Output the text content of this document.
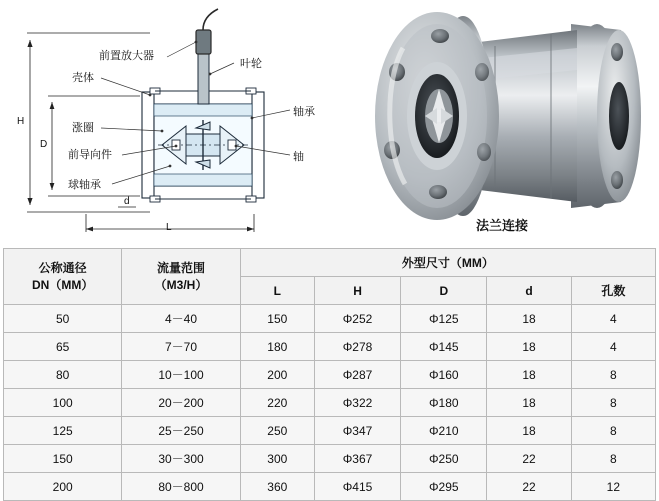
前置放大器
叶轮
壳体
轴承
涨圈
前导向件	轴
球轴承
H
D
d
L	法兰连接
公称通径
DN（MM）

流量范围
（M3/H）
	外型尺寸（MM）
		L	H	D	d	孔数
50	4－40	150	Φ252	Φ125	18	4
65	7－70	180	Φ278	Φ145	18	4
80	10－100	200	Φ287	Φ160	18	8
100	20－200	220	Φ322	Φ180	18	8
125	25－250	250	Φ347	Φ210	18	8
150	30－300	300	Φ367	Φ250	22	8
200	80－800	360	Φ415	Φ295	22	12
